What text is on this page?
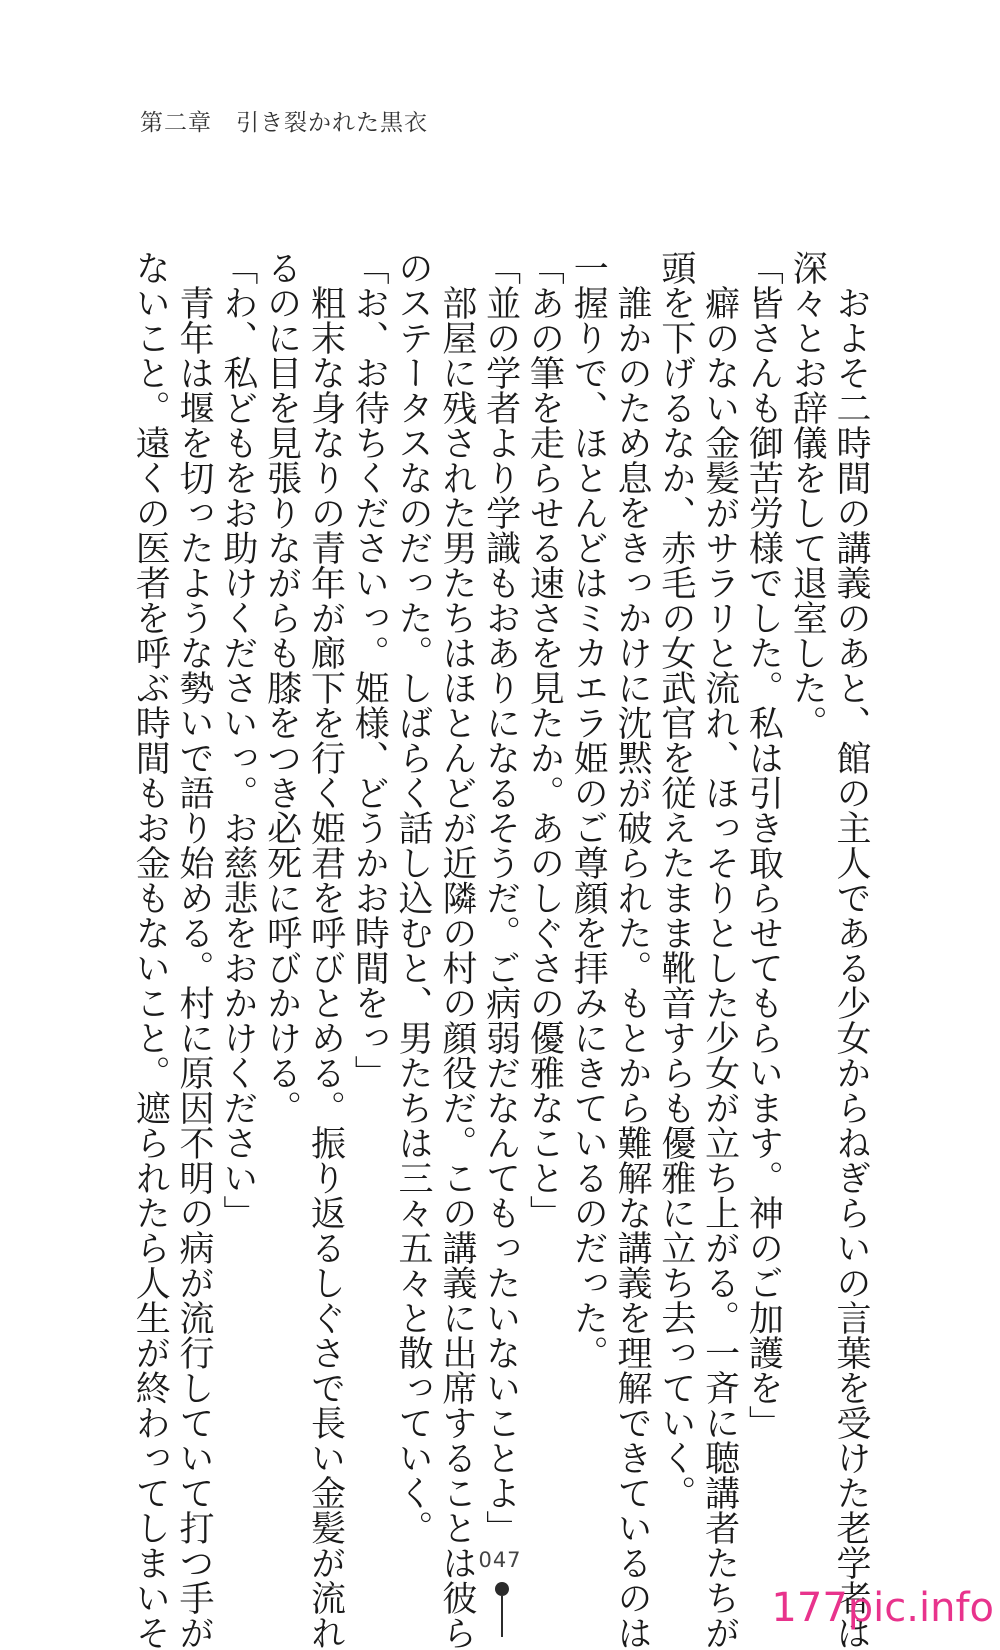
第二章　引き裂かれた黒衣

　およそ二時間の講義のあと、館の主人である少女からねぎらいの言葉を受けた老学者は

深々とお辞儀をして退室した。

「皆さんも御苦労様でした。私は引き取らせてもらいます。神のご加護を」

　癖のない金髪がサラリと流れ、ほっそりとした少女が立ち上がる。一斉に聴講者たちが

頭を下げるなか、赤毛の女武官を従えたまま靴音すらも優雅に立ち去っていく。

　誰かのため息をきっかけに沈黙が破られた。もとから難解な講義を理解できているのは

一握りで、ほとんどはミカエラ姫のご尊顔を拝みにきているのだった。

「あの筆を走らせる速さを見たか。あのしぐさの優雅なこと」

「並の学者より学識もおありになるそうだ。ご病弱だなんてもったいないことよ」

　部屋に残された男たちはほとんどが近隣の村の顔役だ。この講義に出席することは彼ら

のステータスなのだった。しばらく話し込むと、男たちは三々五々と散っていく。

「お、お待ちくださいっ。姫様、どうかお時間をっ」

　粗末な身なりの青年が廊下を行く姫君を呼びとめる。振り返るしぐさで長い金髪が流れ

るのに目を見張りながらも膝をつき必死に呼びかける。

「わ、私どもをお助けくださいっ。お慈悲をおかけください」

　青年は堰を切ったような勢いで語り始める。村に原因不明の病が流行していて打つ手が

ないこと。遠くの医者を呼ぶ時間もお金もないこと。遮られたら人生が終わってしまいそ	047
177pic.info
